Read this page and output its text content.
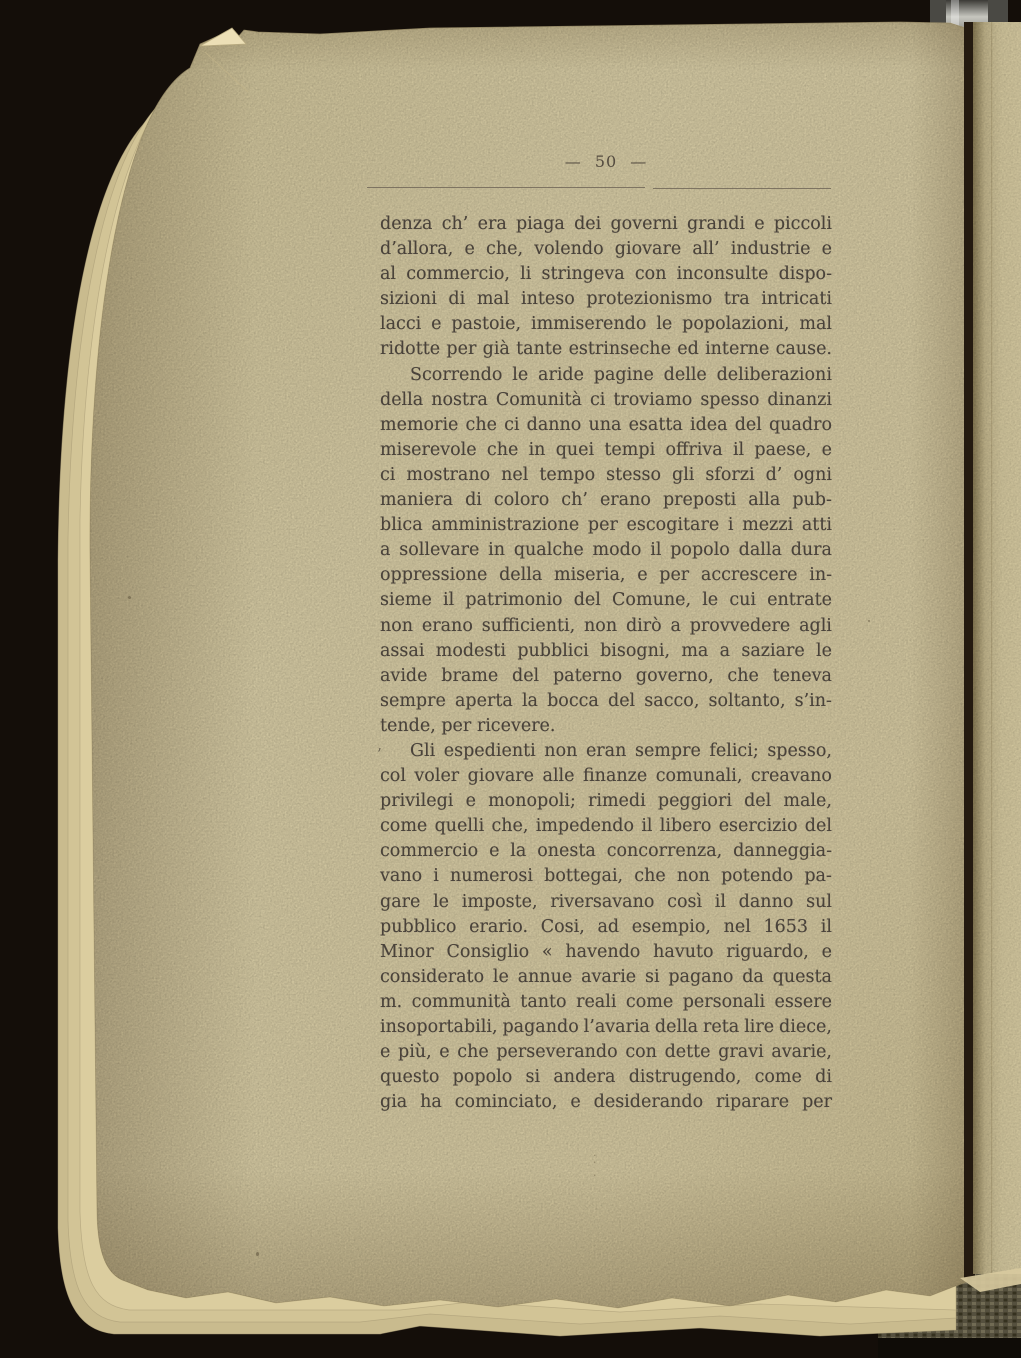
— 50 —
denza ch’ era piaga dei governi grandi e piccoli
d’allora, e che, volendo giovare all’ industrie e
al commercio, li stringeva con inconsulte dispo-
sizioni di mal inteso protezionismo tra intricati
lacci e pastoie, immiserendo le popolazioni, mal
ridotte per già tante estrinseche ed interne cause.
Scorrendo le aride pagine delle deliberazioni
della nostra Comunità ci troviamo spesso dinanzi
memorie che ci danno una esatta idea del quadro
miserevole che in quei tempi offriva il paese, e
ci mostrano nel tempo stesso gli sforzi d’ ogni
maniera di coloro ch’ erano preposti alla pub-
blica amministrazione per escogitare i mezzi atti
a sollevare in qualche modo il popolo dalla dura
oppressione della miseria, e per accrescere in-
sieme il patrimonio del Comune, le cui entrate
non erano sufficienti, non dirò a provvedere agli
assai modesti pubblici bisogni, ma a saziare le
avide brame del paterno governo, che teneva
sempre aperta la bocca del sacco, soltanto, s’in-
tende, per ricevere.
Gli espedienti non eran sempre felici; spesso,
col voler giovare alle finanze comunali, creavano
privilegi e monopoli; rimedi peggiori del male,
come quelli che, impedendo il libero esercizio del
commercio e la onesta concorrenza, danneggia-
vano i numerosi bottegai, che non potendo pa-
gare le imposte, riversavano così il danno sul
pubblico erario. Cosi, ad esempio, nel 1653 il
Minor Consiglio « havendo havuto riguardo, e
considerato le annue avarie si pagano da questa
m. communità tanto reali come personali essere
insoportabili, pagando l’avaria della reta lire diece,
e più, e che perseverando con dette gravi avarie,
questo popolo si andera distrugendo, come di
gia ha cominciato, e desiderando riparare per
’
.
·
.
